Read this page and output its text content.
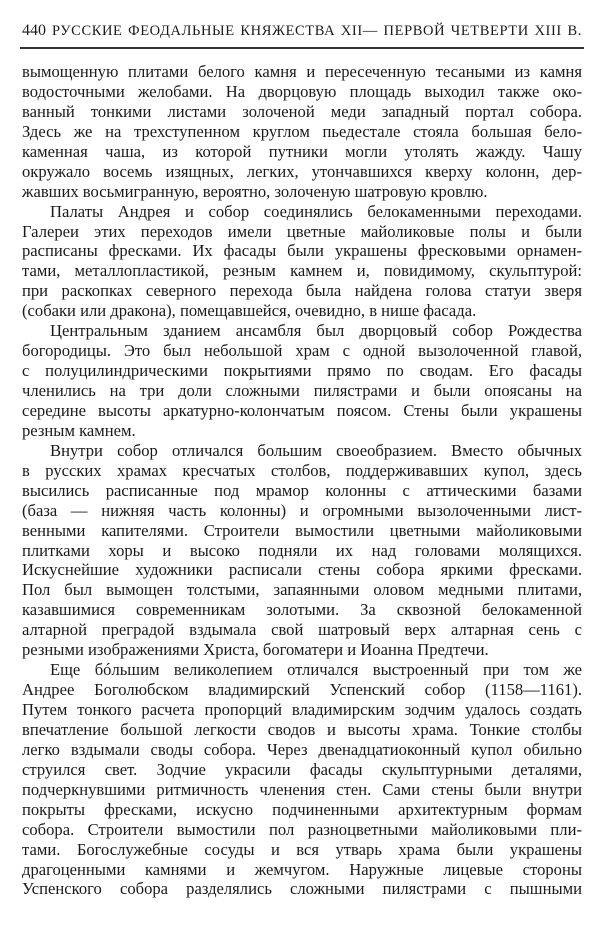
440 РУССКИЕ ФЕОДАЛЬНЫЕ КНЯЖЕСТВА XII— ПЕРВОЙ ЧЕТВЕРТИ XIII В.
вымощенную плитами белого камня и пересеченную тесаными из камня
водосточными желобами. На дворцовую площадь выходил также око-
ванный тонкими листами золоченой меди западный портал собора.
Здесь же на трехступенном круглом пьедестале стояла большая бело-
каменная чаша, из которой путники могли утолять жажду. Чашу
окружало восемь изящных, легких, утончавшихся кверху колонн, дер-
жавших восьмигранную, вероятно, золоченую шатровую кровлю.
Палаты Андрея и собор соединялись белокаменными переходами.
Галереи этих переходов имели цветные майоликовые полы и были
расписаны фресками. Их фасады были украшены фресковыми орнамен-
тами, металлопластикой, резным камнем и, повидимому, скульптурой:
при раскопках северного перехода была найдена голова статуи зверя
(собаки или дракона), помещавшейся, очевидно, в нише фасада.
Центральным зданием ансамбля был дворцовый собор Рождества
богородицы. Это был небольшой храм с одной вызолоченной главой,
с полуцилиндрическими покрытиями прямо по сводам. Его фасады
членились на три доли сложными пилястрами и были опоясаны на
середине высоты аркатурно-колончатым поясом. Стены были украшены
резным камнем.
Внутри собор отличался большим своеобразием. Вместо обычных
в русских храмах кресчатых столбов, поддерживавших купол, здесь
высились расписанные под мрамор колонны с аттическими базами
(база — нижняя часть колонны) и огромными вызолоченными лист-
венными капителями. Строители вымостили цветными майоликовыми
плитками хоры и высоко подняли их над головами молящихся.
Искуснейшие художники расписали стены собора яркими фресками.
Пол был вымощен толстыми, запаянными оловом медными плитами,
казавшимися современникам золотыми. За сквозной белокаменной
алтарной преградой вздымала свой шатровый верх алтарная сень с
резными изображениями Христа, богоматери и Иоанна Предтечи.
Еще бóльшим великолепием отличался выстроенный при том же
Андрее Боголюбском владимирский Успенский собор (1158—1161).
Путем тонкого расчета пропорций владимирским зодчим удалось создать
впечатление большой легкости сводов и высоты храма. Тонкие столбы
легко вздымали своды собора. Через двенадцатиоконный купол обильно
струился свет. Зодчие украсили фасады скульптурными деталями,
подчеркнувшими ритмичность членения стен. Сами стены были внутри
покрыты фресками, искусно подчиненными архитектурным формам
собора. Строители вымостили пол разноцветными майоликовыми пли-
тами. Богослужебные сосуды и вся утварь храма были украшены
драгоценными камнями и жемчугом. Наружные лицевые стороны
Успенского собора разделялись сложными пилястрами с пышными
